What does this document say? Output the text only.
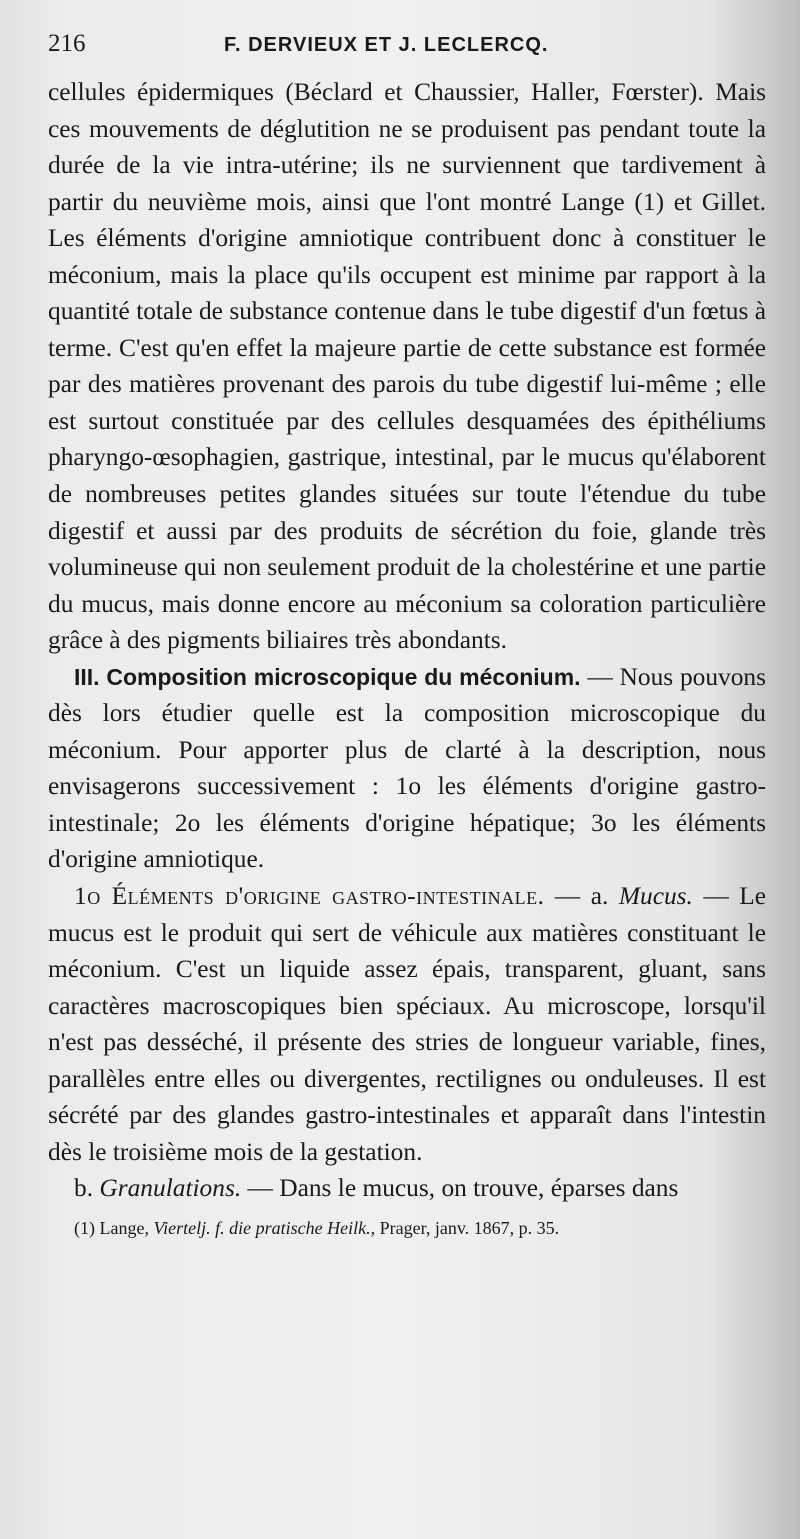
216	F. DERVIEUX ET J. LECLERCQ.

cellules épidermiques (Béclard et Chaussier, Haller, Fœrster). Mais ces mouvements de déglutition ne se produisent pas pendant toute la durée de la vie intra-utérine; ils ne surviennent que tardivement à partir du neuvième mois, ainsi que l'ont montré Lange (1) et Gillet. Les éléments d'origine amniotique contribuent donc à constituer le méconium, mais la place qu'ils occupent est minime par rapport à la quantité totale de substance contenue dans le tube digestif d'un fœtus à terme. C'est qu'en effet la majeure partie de cette substance est formée par des matières provenant des parois du tube digestif lui-même ; elle est surtout constituée par des cellules desquamées des épithéliums pharyngo-œsophagien, gastrique, intestinal, par le mucus qu'élaborent de nombreuses petites glandes situées sur toute l'étendue du tube digestif et aussi par des produits de sécrétion du foie, glande très volumineuse qui non seulement produit de la cholestérine et une partie du mucus, mais donne encore au méconium sa coloration particulière grâce à des pigments biliaires très abondants.

III. Composition microscopique du méconium. — Nous pouvons dès lors étudier quelle est la composition microscopique du méconium. Pour apporter plus de clarté à la description, nous envisagerons successivement : 1o les éléments d'origine gastro-intestinale; 2o les éléments d'origine hépatique; 3o les éléments d'origine amniotique.

1o Éléments d'origine gastro-intestinale. — a. Mucus. — Le mucus est le produit qui sert de véhicule aux matières constituant le méconium. C'est un liquide assez épais, transparent, gluant, sans caractères macroscopiques bien spéciaux. Au microscope, lorsqu'il n'est pas desséché, il présente des stries de longueur variable, fines, parallèles entre elles ou divergentes, rectilignes ou onduleuses. Il est sécrété par des glandes gastro-intestinales et apparaît dans l'intestin dès le troisième mois de la gestation.

b. Granulations. — Dans le mucus, on trouve, éparses dans

(1) Lange, Viertelj. f. die pratische Heilk., Prager, janv. 1867, p. 35.
